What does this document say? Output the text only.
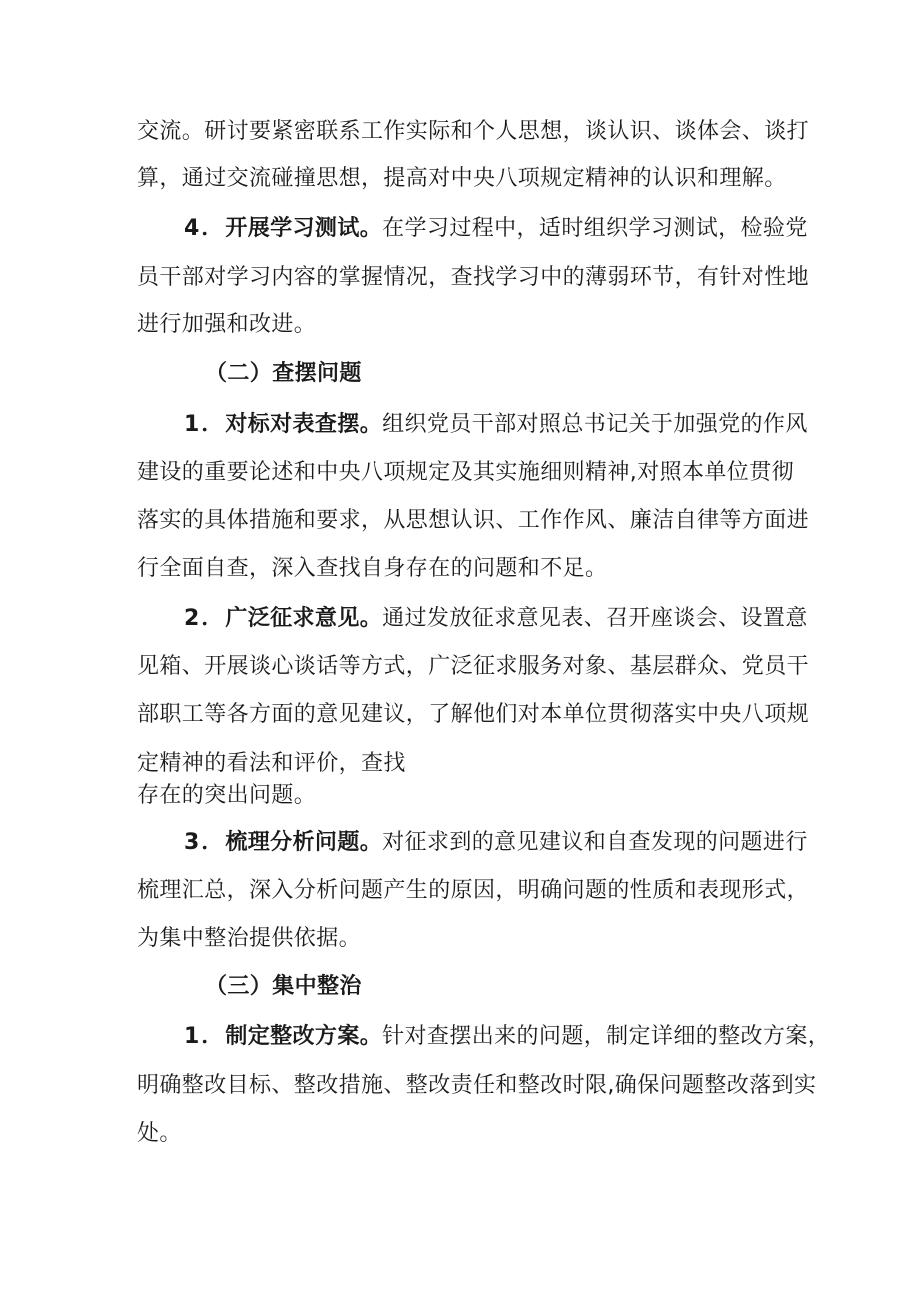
交流。研讨要紧密联系工作实际和个人思想，谈认识、谈体会、谈打
算，通过交流碰撞思想，提高对中央八项规定精神的认识和理解。
4．开展学习测试。在学习过程中，适时组织学习测试，检验党
员干部对学习内容的掌握情况，查找学习中的薄弱环节，有针对性地
进行加强和改进。
（二）查摆问题
1．对标对表查摆。组织党员干部对照总书记关于加强党的作风
建设的重要论述和中央八项规定及其实施细则精神,对照本单位贯彻
落实的具体措施和要求，从思想认识、工作作风、廉洁自律等方面进
行全面自查，深入查找自身存在的问题和不足。
2．广泛征求意见。通过发放征求意见表、召开座谈会、设置意
见箱、开展谈心谈话等方式，广泛征求服务对象、基层群众、党员干
部职工等各方面的意见建议，了解他们对本单位贯彻落实中央八项规
定精神的看法和评价，查找
存在的突出问题。
3．梳理分析问题。对征求到的意见建议和自查发现的问题进行
梳理汇总，深入分析问题产生的原因，明确问题的性质和表现形式，
为集中整治提供依据。
（三）集中整治
1．制定整改方案。针对查摆出来的问题，制定详细的整改方案，
明确整改目标、整改措施、整改责任和整改时限,确保问题整改落到实
处。
